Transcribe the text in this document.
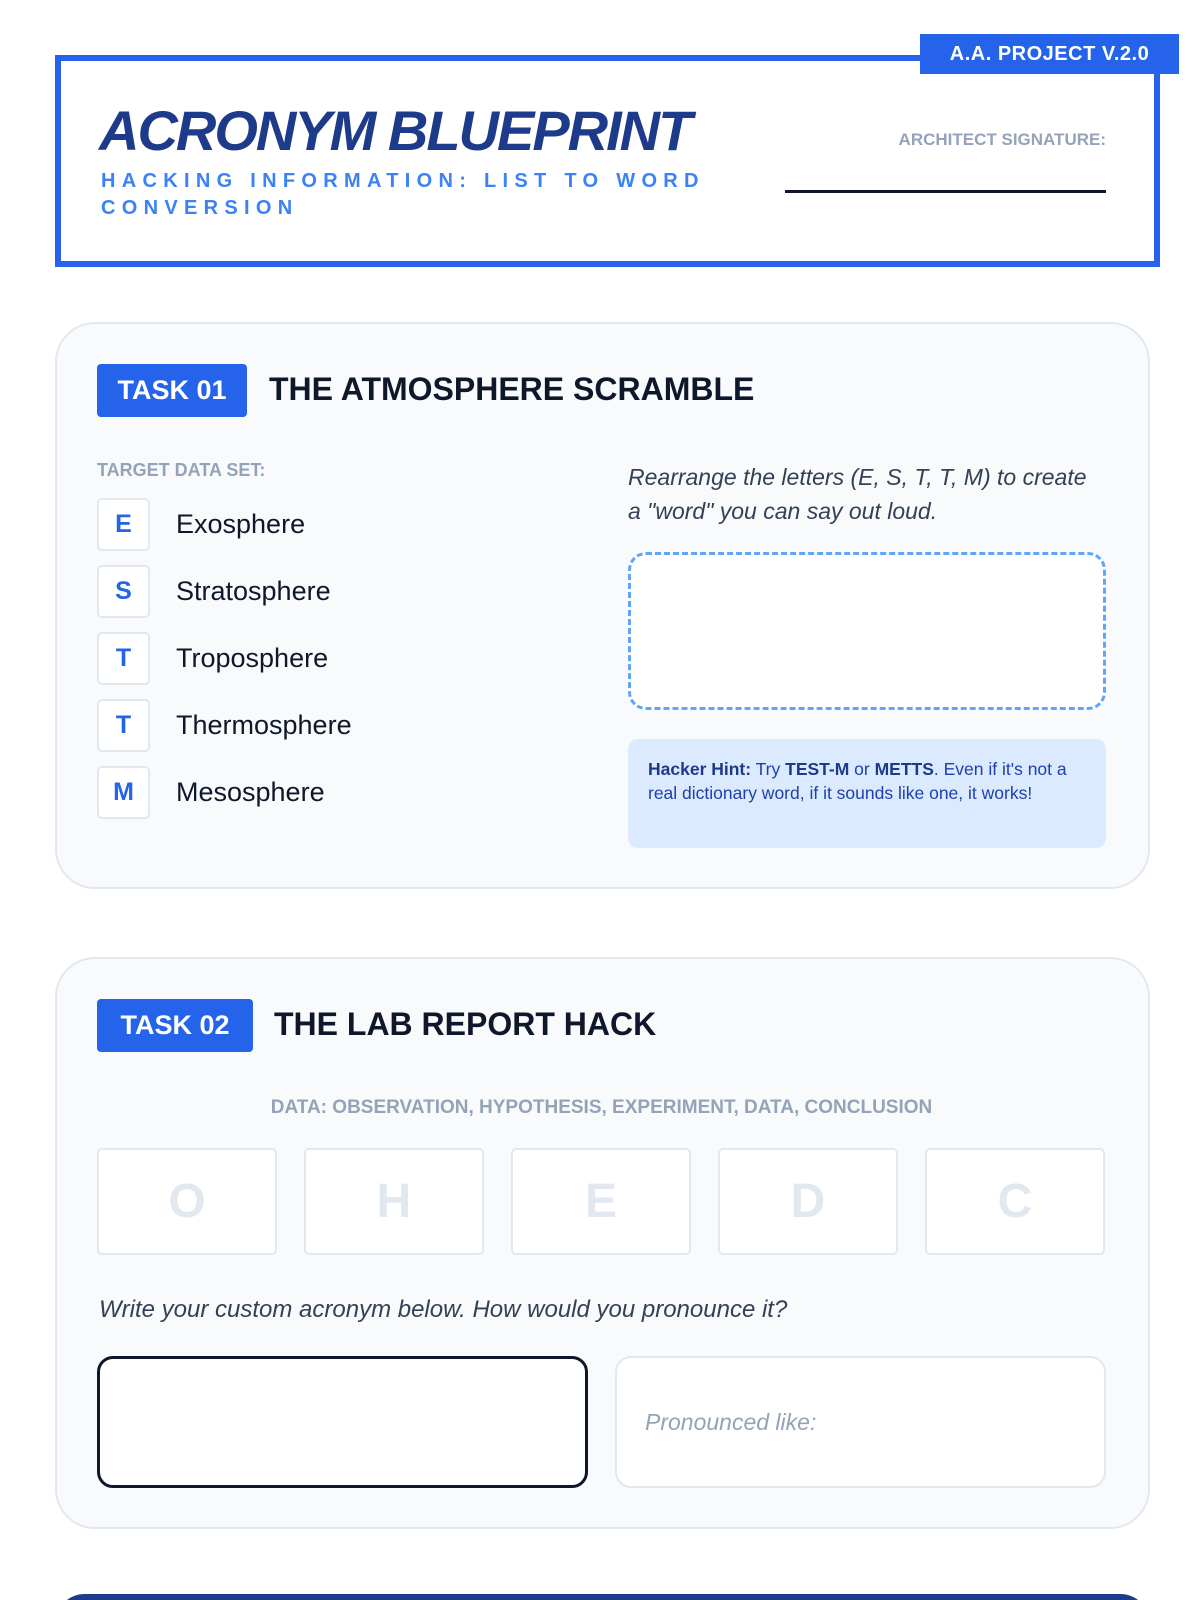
A.A. PROJECT V.2.0
ACRONYM BLUEPRINT
HACKING INFORMATION: LIST TO WORD CONVERSION
ARCHITECT SIGNATURE:
TASK 01	THE ATMOSPHERE SCRAMBLE
TARGET DATA SET:
E	Exosphere
S	Stratosphere
T	Troposphere
T	Thermosphere
M	Mesosphere
Rearrange the letters (E, S, T, T, M) to create a "word" you can say out loud.
Hacker Hint: Try TEST-M or METTS. Even if it's not a real dictionary word, if it sounds like one, it works!
TASK 02	THE LAB REPORT HACK
DATA: OBSERVATION, HYPOTHESIS, EXPERIMENT, DATA, CONCLUSION
O	H	E	D	C
Write your custom acronym below. How would you pronounce it?
Pronounced like:
